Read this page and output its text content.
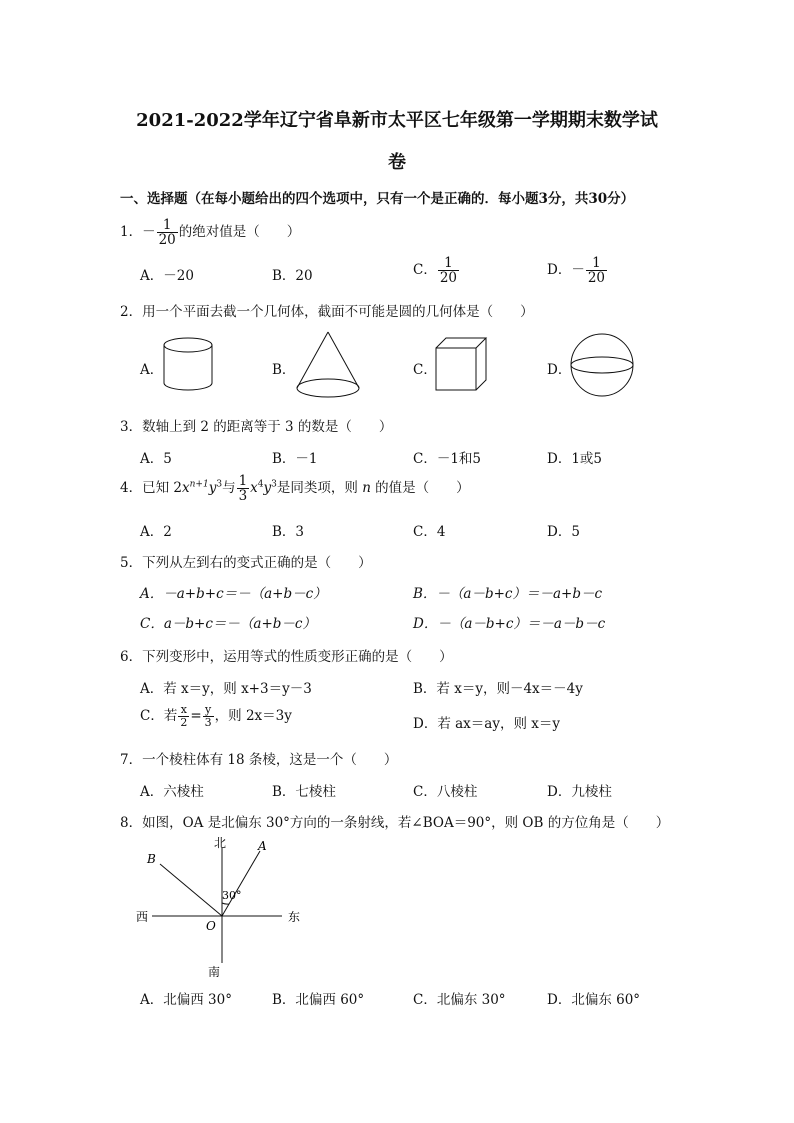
2021-2022学年辽宁省阜新市太平区七年级第一学期期末数学试
卷
一、选择题（在每小题给出的四个选项中，只有一个是正确的．每小题3分，共30分）
1．－ $\frac{1}{20}$ 的绝对值是（　　）
A．－20	B．20	C． $\frac{1}{20}$	D．－ $\frac{1}{20}$
2．用一个平面去截一个几何体，截面不可能是圆的几何体是（　　）
A．	B．	C．	D．
3．数轴上到 2 的距离等于 3 的数是（　　）
A．5	B．－1	C．－1和5	D．1或5
4．已知 $2x^{n+1}y^3$与 $\frac{1}{3} x^4y^3$是同类项，则 n 的值是（　　）
A．2	B．3	C．4	D．5
5．下列从左到右的变式正确的是（　　）
A．－a+b+c＝－（a+b－c）	B．－（a－b+c）＝－a+b－c
C．a－b+c＝－（a+b－c）	D．－（a－b+c）＝－a－b－c
6．下列变形中，运用等式的性质变形正确的是（　　）
A．若 x＝y，则 x+3＝y－3	B．若 x＝y，则－4x＝－4y
C．若 $\frac{x}{2} = \frac{y}{3}$ ，则 2x＝3y	D．若 ax＝ay，则 x＝y
7．一个棱柱体有 18 条棱，这是一个（　　）
A．六棱柱	B．七棱柱	C．八棱柱	D．九棱柱
8．如图，OA 是北偏东 30°方向的一条射线，若∠BOA＝90°，则 OB 的方位角是（　　）
北
南
西	东
A
B
O
30°
A．北偏西 30°	B．北偏西 60°	C．北偏东 30°	D．北偏东 60°
